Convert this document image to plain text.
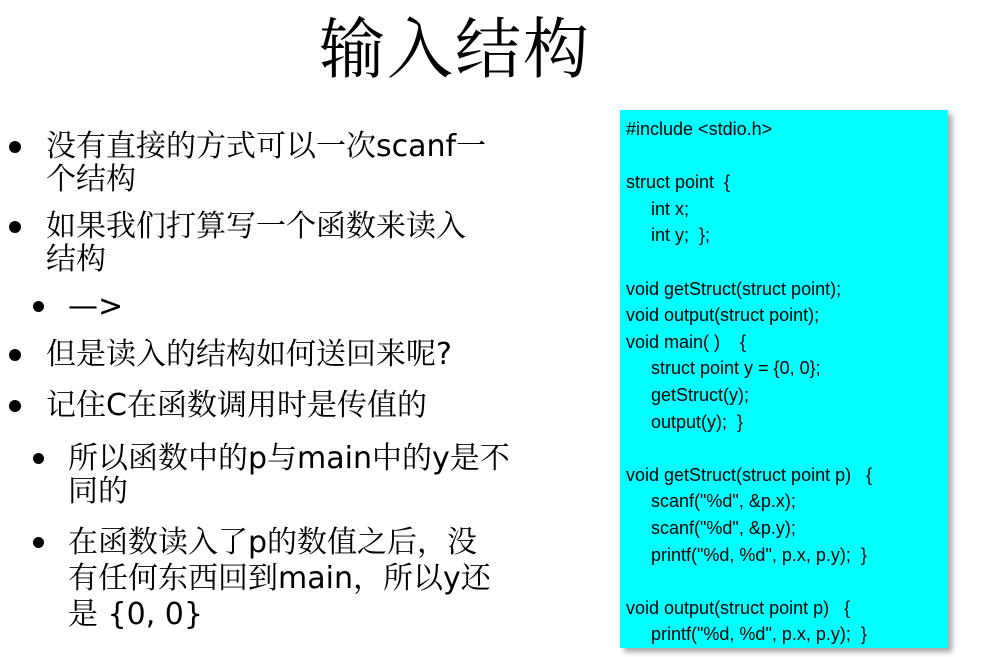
输入结构
没有直接的方式可以一次scanf一
个结构
如果我们打算写一个函数来读入
结构
—>
但是读入的结构如何送回来呢?
记住C在函数调用时是传值的
所以函数中的p与main中的y是不
同的
在函数读入了p的数值之后，没
有任何东西回到main，所以y还
是 {0, 0}
#include <stdio.h>
struct point  {
int x;
int y;  };
void getStruct(struct point);
void output(struct point);
void main( )    {
struct point y = {0, 0};
getStruct(y);
output(y);  }
void getStruct(struct point p)   {
scanf("%d", &p.x);
scanf("%d", &p.y);
printf("%d, %d", p.x, p.y);  }
void output(struct point p)   {
printf("%d, %d", p.x, p.y);  }
